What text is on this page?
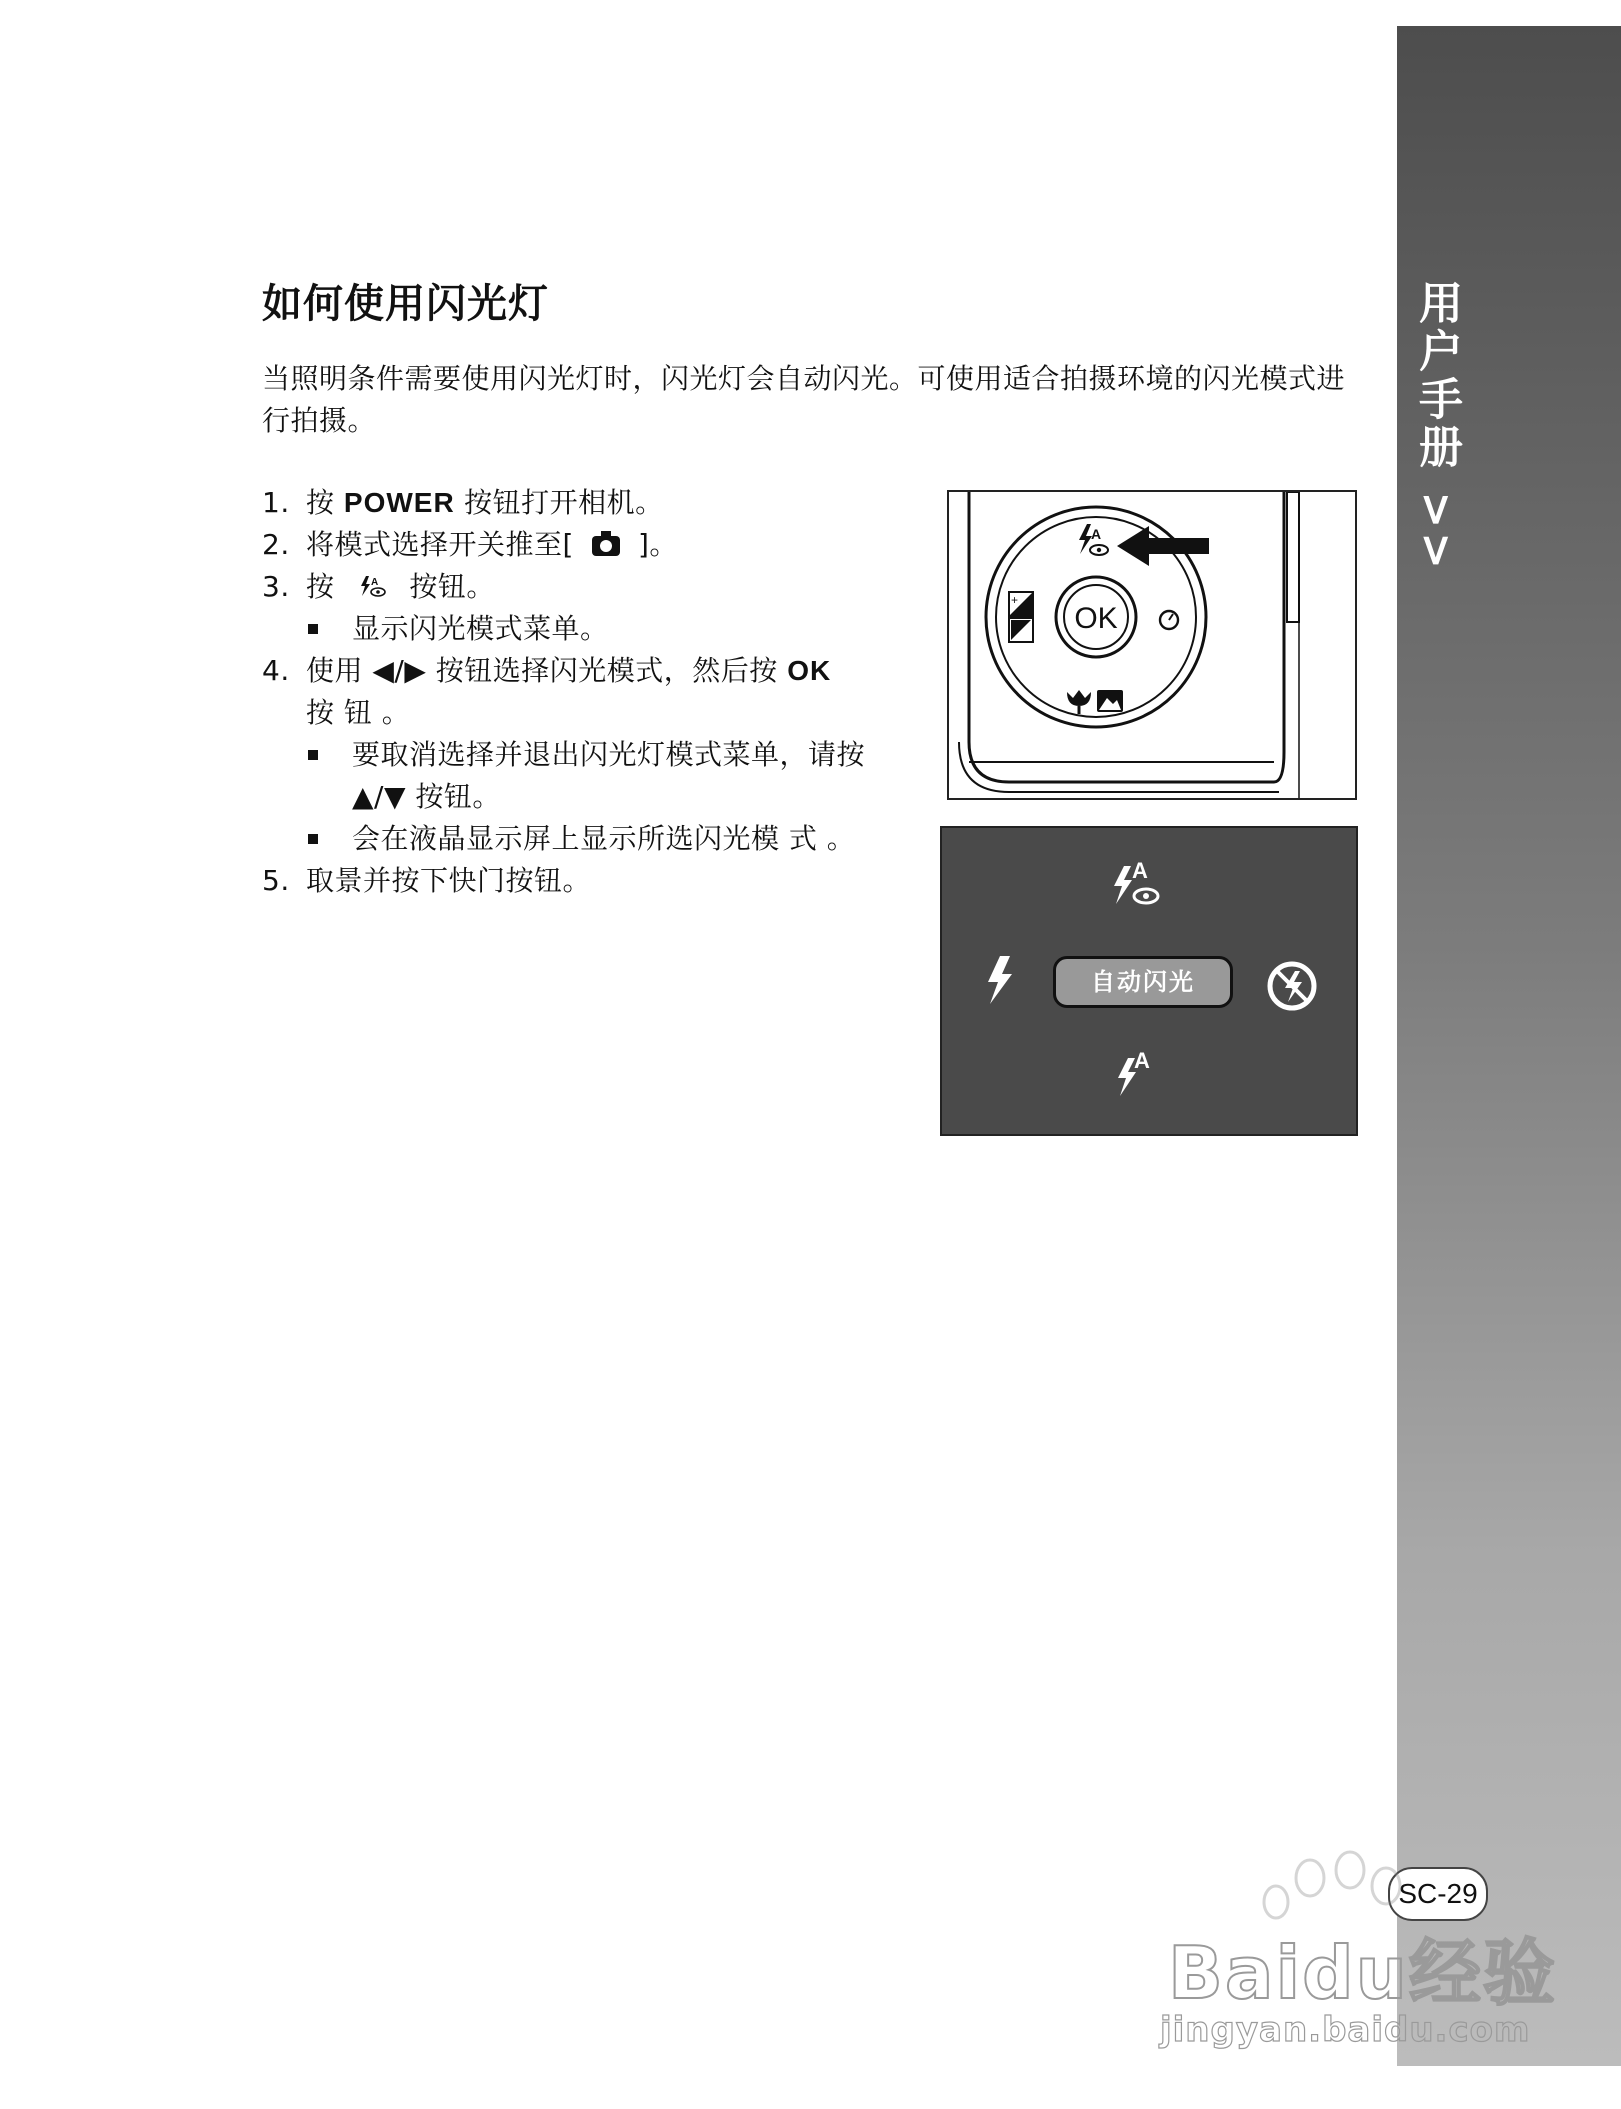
用户手册 >>
SC-29
如何使用闪光灯
当照明条件需要使用闪光灯时，闪光灯会自动闪光。可使用适合拍摄环境的闪光模式进行拍摄。
1. 按 POWER 按钮打开相机。
2. 将模式选择开关推至[ ]。
3. 按	A 按钮。
显示闪光模式菜单。
4. 使用 ◀/▶ 按钮选择闪光模式，然后按 OK
按 钮 。
要取消选择并退出闪光灯模式菜单，请按 ▲/▼ 按钮。
会在液晶显示屏上显示所选闪光模 式 。
5. 取景并按下快门按钮。
OK
A
+
A
A
自动闪光
Baidu经验
jingyan.baidu.com
